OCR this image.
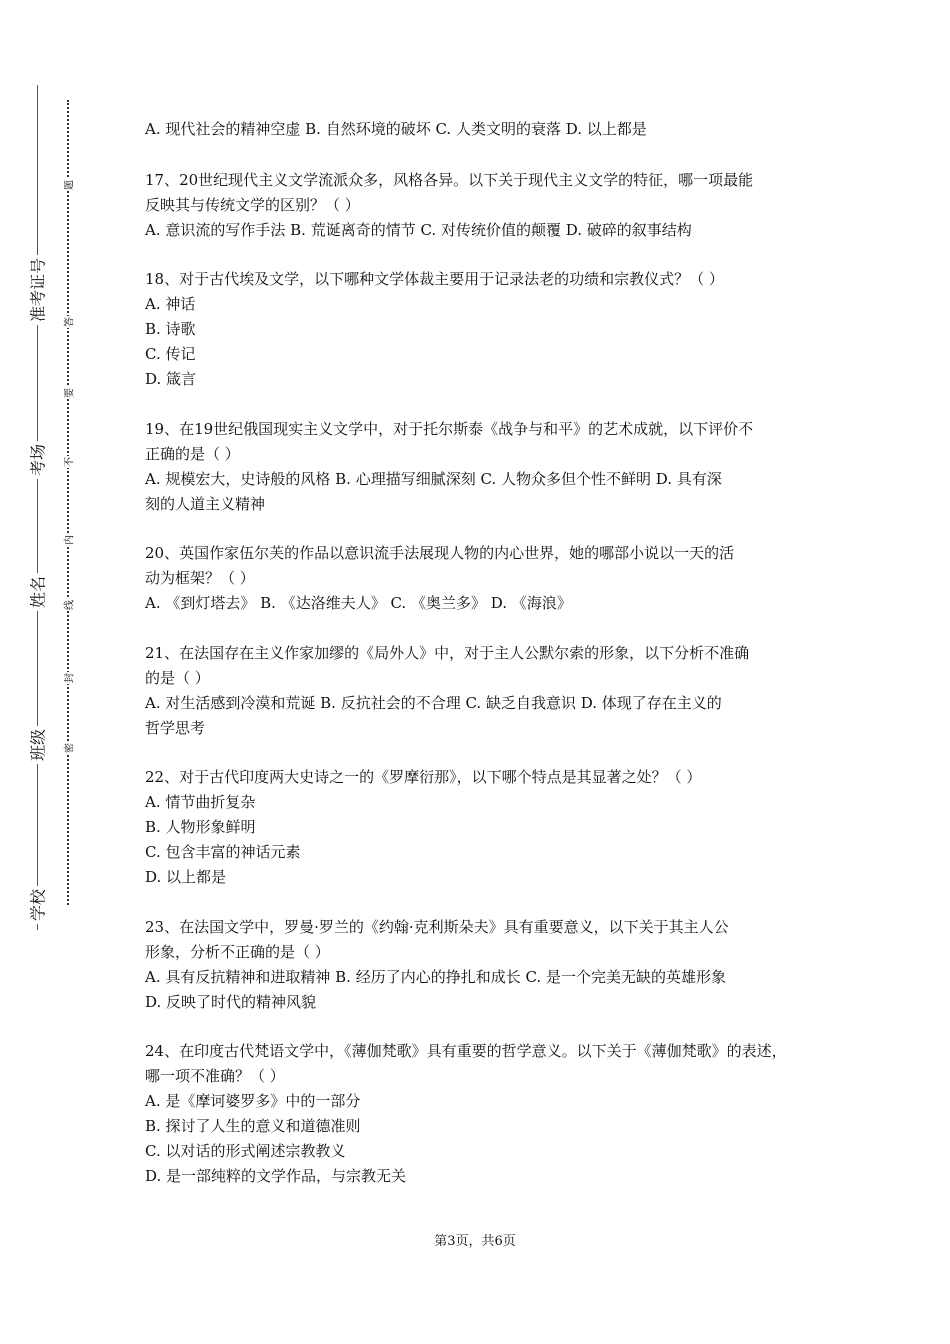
学校
班级
姓名
考场
准考证号
密
封
线
内
不
要
答
题
A. 现代社会的精神空虚 B. 自然环境的破坏 C. 人类文明的衰落 D. 以上都是
17、20世纪现代主义文学流派众多，风格各异。以下关于现代主义文学的特征，哪一项最能
反映其与传统文学的区别？（ ）
A. 意识流的写作手法 B. 荒诞离奇的情节 C. 对传统价值的颠覆 D. 破碎的叙事结构
18、对于古代埃及文学，以下哪种文学体裁主要用于记录法老的功绩和宗教仪式？（ ）
A. 神话
B. 诗歌
C. 传记
D. 箴言
19、在19世纪俄国现实主义文学中，对于托尔斯泰《战争与和平》的艺术成就，以下评价不
正确的是（ ）
A. 规模宏大，史诗般的风格 B. 心理描写细腻深刻 C. 人物众多但个性不鲜明 D. 具有深
刻的人道主义精神
20、英国作家伍尔芙的作品以意识流手法展现人物的内心世界，她的哪部小说以一天的活
动为框架？（ ）
A. 《到灯塔去》 B. 《达洛维夫人》 C. 《奥兰多》 D. 《海浪》
21、在法国存在主义作家加缪的《局外人》中，对于主人公默尔索的形象，以下分析不准确
的是（ ）
A. 对生活感到冷漠和荒诞 B. 反抗社会的不合理 C. 缺乏自我意识 D. 体现了存在主义的
哲学思考
22、对于古代印度两大史诗之一的《罗摩衍那》，以下哪个特点是其显著之处？（ ）
A. 情节曲折复杂
B. 人物形象鲜明
C. 包含丰富的神话元素
D. 以上都是
23、在法国文学中，罗曼·罗兰的《约翰·克利斯朵夫》具有重要意义，以下关于其主人公
形象，分析不正确的是（ ）
A. 具有反抗精神和进取精神 B. 经历了内心的挣扎和成长 C. 是一个完美无缺的英雄形象
D. 反映了时代的精神风貌
24、在印度古代梵语文学中，《薄伽梵歌》具有重要的哲学意义。以下关于《薄伽梵歌》的表述，
哪一项不准确？（ ）
A. 是《摩诃婆罗多》中的一部分
B. 探讨了人生的意义和道德准则
C. 以对话的形式阐述宗教教义
D. 是一部纯粹的文学作品，与宗教无关
第3页，共6页
